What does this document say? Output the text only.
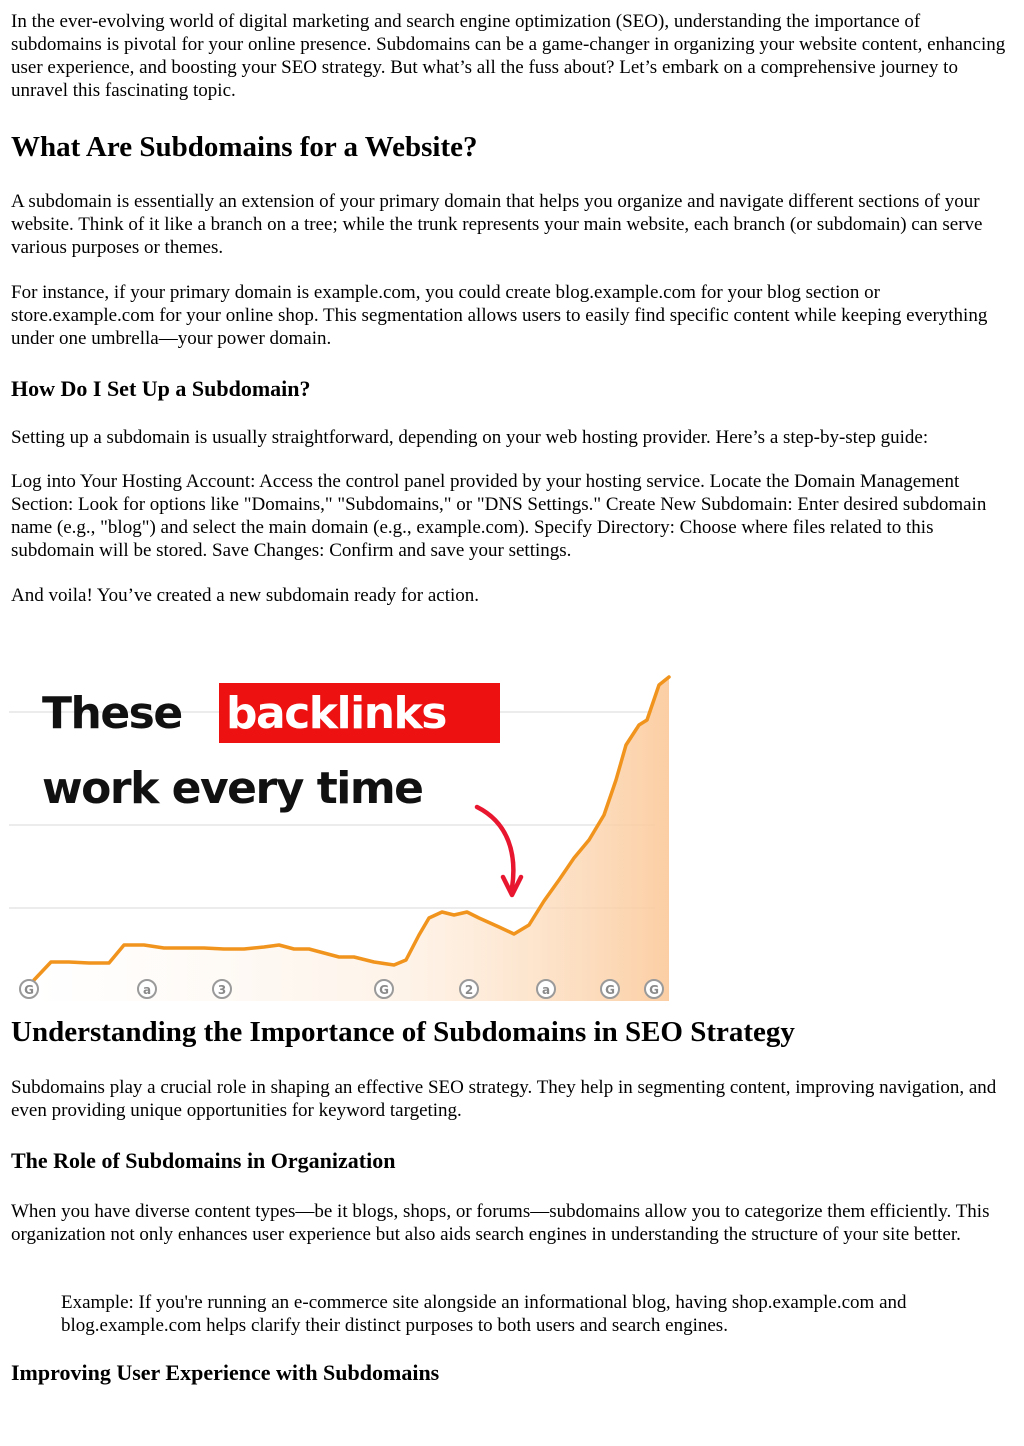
In the ever-evolving world of digital marketing and search engine optimization (SEO), understanding the importance of subdomains is pivotal for your online presence. Subdomains can be a game-changer in organizing your website content, enhancing user experience, and boosting your SEO strategy. But what’s all the fuss about? Let’s embark on a comprehensive journey to unravel this fascinating topic.

What Are Subdomains for a Website?

A subdomain is essentially an extension of your primary domain that helps you organize and navigate different sections of your website. Think of it like a branch on a tree; while the trunk represents your main website, each branch (or subdomain) can serve various purposes or themes.

For instance, if your primary domain is example.com, you could create blog.example.com for your blog section or store.example.com for your online shop. This segmentation allows users to easily find specific content while keeping everything under one umbrella—your power domain.

How Do I Set Up a Subdomain?

Setting up a subdomain is usually straightforward, depending on your web hosting provider. Here’s a step-by-step guide:

Log into Your Hosting Account: Access the control panel provided by your hosting service. Locate the Domain Management Section: Look for options like "Domains," "Subdomains," or "DNS Settings." Create New Subdomain: Enter desired subdomain name (e.g., "blog") and select the main domain (e.g., example.com). Specify Directory: Choose where files related to this subdomain will be stored. Save Changes: Confirm and save your settings.

And voila! You’ve created a new subdomain ready for action.

These backlinks
work every time
G	a	3	G	2	a	G	G
Understanding the Importance of Subdomains in SEO Strategy

Subdomains play a crucial role in shaping an effective SEO strategy. They help in segmenting content, improving navigation, and even providing unique opportunities for keyword targeting.

The Role of Subdomains in Organization

When you have diverse content types—be it blogs, shops, or forums—subdomains allow you to categorize them efficiently. This organization not only enhances user experience but also aids search engines in understanding the structure of your site better.

Example: If you're running an e-commerce site alongside an informational blog, having shop.example.com and blog.example.com helps clarify their distinct purposes to both users and search engines.

Improving User Experience with Subdomains
